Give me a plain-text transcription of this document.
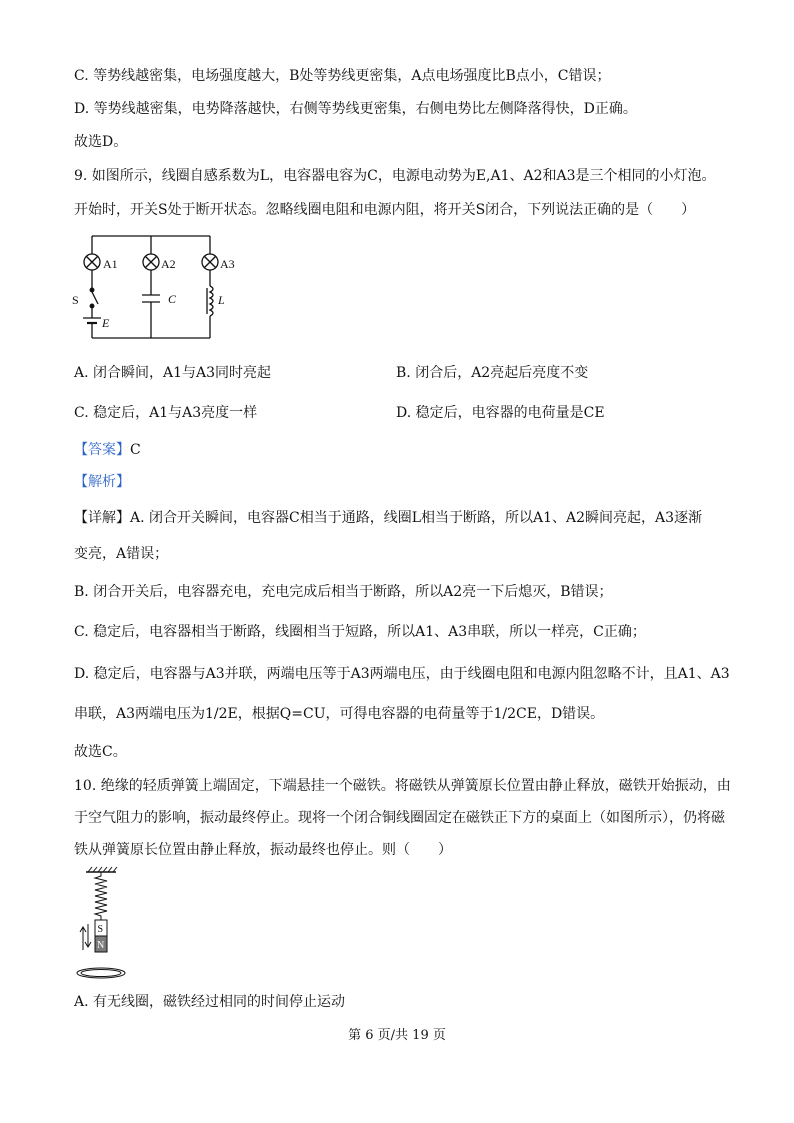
C. 等势线越密集，电场强度越大，B处等势线更密集，A点电场强度比B点小，C错误；
D. 等势线越密集，电势降落越快，右侧等势线更密集，右侧电势比左侧降落得快，D正确。
故选D。
9. 如图所示，线圈自感系数为L，电容器电容为C，电源电动势为E,A1、A2和A3是三个相同的小灯泡。
开始时，开关S处于断开状态。忽略线圈电阻和电源内阻，将开关S闭合，下列说法正确的是（　　）
A1	A2	A3
S	C	L
E
A. 闭合瞬间，A1与A3同时亮起	B. 闭合后，A2亮起后亮度不变
C. 稳定后，A1与A3亮度一样	D. 稳定后，电容器的电荷量是CE
【答案】C
【解析】
【详解】A. 闭合开关瞬间，电容器C相当于通路，线圈L相当于断路，所以A1、A2瞬间亮起，A3逐渐
变亮，A错误；
B. 闭合开关后，电容器充电，充电完成后相当于断路，所以A2亮一下后熄灭，B错误；
C. 稳定后，电容器相当于断路，线圈相当于短路，所以A1、A3串联，所以一样亮，C正确；
D. 稳定后，电容器与A3并联，两端电压等于A3两端电压，由于线圈电阻和电源内阻忽略不计，且A1、A3
串联，A3两端电压为1/2E，根据Q=CU，可得电容器的电荷量等于1/2CE，D错误。
故选C。
10. 绝缘的轻质弹簧上端固定，下端悬挂一个磁铁。将磁铁从弹簧原长位置由静止释放，磁铁开始振动，由
于空气阻力的影响，振动最终停止。现将一个闭合铜线圈固定在磁铁正下方的桌面上（如图所示），仍将磁
铁从弹簧原长位置由静止释放，振动最终也停止。则（　　）
S
N
A. 有无线圈，磁铁经过相同的时间停止运动
第 6 页/共 19 页
